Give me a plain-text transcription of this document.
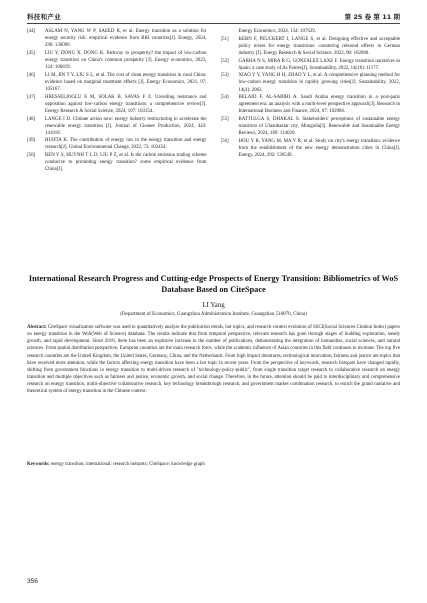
科技和产业	第 25 卷 第 11 期
[44]	ASLAM N, YANG W P, SAEED R, et al. Energy transition as a solution for energy security risk: empirical evidence from BRI countries[J]. Energy, 2024, 290: 130090.
[45]	LIU Y, DONG X, DONG K. Pathway to prosperity? the impact of low-carbon energy transition on China's common prosperity [J]. Energy economics, 2023, 124: 106819.
[46]	LI M, JIN T Y, LIU S L, et al. The cost of clean energy transition in rural China: evidence based on marginal treatment effects [J]. Energy Economics, 2021, 97: 105167.
[47]	HRESSELIOGLU E M, SOLAK B, SAVAS F Z. Unveiling resistance and opposition against low-carbon energy transitions: a comprehensive review[J]. Energy Research & Social Science, 2024, 107: 103354.
[48]	LANGE I D. Climate action now: energy industry restructuring to accelerate the renewable energy transition [J]. Journal of Cleaner Production, 2024, 443: 141018.
[49]	HUHTA K. The contribution of energy law to the energy transition and energy research[J]. Global Environmental Change, 2022, 73: 102454.
[50]	REN Y S, HUYNH T L D, LIU P Z, et al. Is the carbon emission trading scheme conducive to promoting energy transition? some empirical evidence from China[J].
Energy Economics, 2024, 134: 107629.
[51]	KERN F, PEUCKERT J, LANGE S, et al. Designing effective and acceptable policy mixes for energy transitions: countering rebound effects in German industry [J]. Energy Research & Social Science, 2022, 90: 102680.
[52]	GARHA N S, MIRA R G, GONZALEZ LAXE F. Energy transition narratives in Spain: a case study of As Pontes[J]. Sustainability, 2022, 14(18): 11177.
[53]	XIAO Y Y, YANG H H, ZHAO Y L, et al. A comprehensive planning method for low-carbon energy transition in rapidly growing cities[J]. Sustainability, 2022, 14(4): 2063.
[54]	BELAID F, AL-SARIHI A. Saudi Arabia energy transition in a post-paris agreement era: an analysis with a multi-level perspective approach[J]. Research in International Business and Finance, 2024, 67: 102086.
[55]	BATTULGA S, DHAKAL S. Stakeholders' perceptions of sustainable energy transition of Ulaanbaatar city, Mongolia[J]. Renewable and Sustainable Energy Reviews, 2024, 189: 114020.
[56]	HOU Y R, YANG M, MA Y R, et al. Study on city's energy transition: evidence from the establishment of the new energy demonstration cities in China[J]. Energy, 2024, 292: 130549.
International Research Progress and Cutting-edge Prospects of Energy Transition: Bibliometrics of WoS Database Based on CiteSpace
LI Yang
(Department of Economics, Guangzhou Administration Institute, Guangzhou 510070, China)
Abstract: CiteSpace visualization software was used to quantitatively analyze the publication trends, hot topics, and research context evolution of SSCI(Social Sciences Citation Index) papers on energy transition in the WoS(Web of Science) database. The results indicate that from temporal perspective, relevant research has gone through stages of budding exploration, steady growth, and rapid development. Since 2016, there has been an explosive increase in the number of publications, demonstrating the integration of humanities, social sciences, and natural sciences. From spatial distribution perspective, European countries are the main research force, while the academic influence of Asian countries in this field continues to increase. The top five research countries are the United Kingdom, the United States, Germany, China, and the Netherlands. From high impact literatures, technological innovation, fairness and justice are topics that have received more attention, while the factors affecting energy transition have been a hot topic in recent years. From the perspective of keywords, research hotspots have changed rapidly, shifting from government functions in energy transition to multi-driven research of "technology-policy-public", from single transition target research to collaborative research on energy transition and multiple objectives such as fairness and justice, economic growth, and social change. Therefore, in the future, attention should be paid to interdisciplinary and comprehensive research on energy transition, multi-objective collaborative research, key technology breakthrough research, and government market combination research, to enrich the grand narrative and theoretical system of energy transition in the Chinese context.
Keywords: energy transition; international; research hotspots; CiteSpace; knowledge graph
356
